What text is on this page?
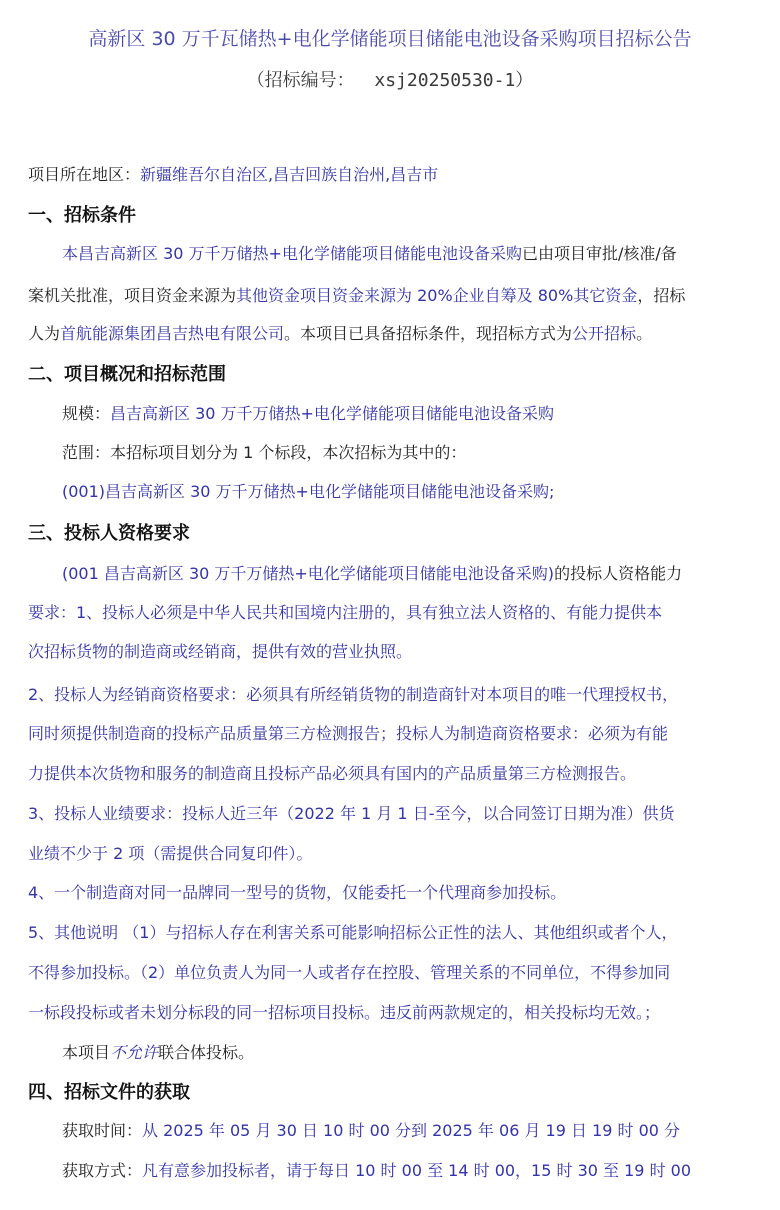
高新区 30 万千瓦储热+电化学储能项目储能电池设备采购项目招标公告
（招标编号： xsj20250530-1）
项目所在地区：新疆维吾尔自治区,昌吉回族自治州,昌吉市
一、招标条件
本昌吉高新区 30 万千万储热+电化学储能项目储能电池设备采购已由项目审批/核准/备
案机关批准，项目资金来源为其他资金项目资金来源为 20%企业自筹及 80%其它资金，招标
人为首航能源集团昌吉热电有限公司。本项目已具备招标条件，现招标方式为公开招标。
二、项目概况和招标范围
规模：昌吉高新区 30 万千万储热+电化学储能项目储能电池设备采购
范围：本招标项目划分为 1 个标段，本次招标为其中的：
(001)昌吉高新区 30 万千万储热+电化学储能项目储能电池设备采购;
三、投标人资格要求
(001 昌吉高新区 30 万千万储热+电化学储能项目储能电池设备采购)的投标人资格能力
要求：1、投标人必须是中华人民共和国境内注册的，具有独立法人资格的、有能力提供本
次招标货物的制造商或经销商，提供有效的营业执照。
2、投标人为经销商资格要求：必须具有所经销货物的制造商针对本项目的唯一代理授权书，
同时须提供制造商的投标产品质量第三方检测报告；投标人为制造商资格要求：必须为有能
力提供本次货物和服务的制造商且投标产品必须具有国内的产品质量第三方检测报告。
3、投标人业绩要求：投标人近三年（2022 年 1 月 1 日-至今，以合同签订日期为准）供货
业绩不少于 2 项（需提供合同复印件）。
4、一个制造商对同一品牌同一型号的货物，仅能委托一个代理商参加投标。
5、其他说明 （1）与招标人存在利害关系可能影响招标公正性的法人、其他组织或者个人，
不得参加投标。（2）单位负责人为同一人或者存在控股、管理关系的不同单位，不得参加同
一标段投标或者未划分标段的同一招标项目投标。违反前两款规定的，相关投标均无效。；
本项目不允许联合体投标。
四、招标文件的获取
获取时间：从 2025 年 05 月 30 日 10 时 00 分到 2025 年 06 月 19 日 19 时 00 分
获取方式：凡有意参加投标者，请于每日 10 时 00 至 14 时 00，15 时 30 至 19 时 00
